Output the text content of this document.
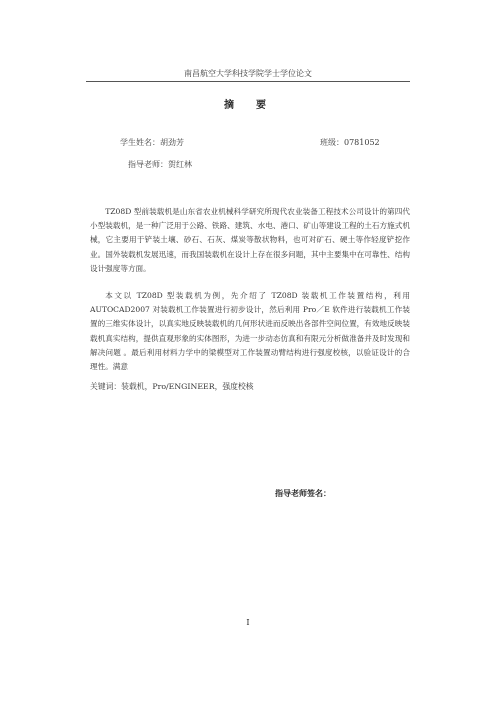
南昌航空大学科技学院学士学位论文
摘　要
学生姓名：胡劲芳	班级：0781052
指导老师：贺红林
TZ08D 型前装载机是山东省农业机械科学研究所现代农业装备工程技术公司设计的第四代小型装载机，是一种广泛用于公路、铁路、建筑、水电、港口、矿山等建设工程的土石方施式机械，它主要用于铲装土壤、砂石、石灰、煤炭等散状物料，也可对矿石、硬土等作轻度铲挖作业。国外装载机发展迅速，而我国装载机在设计上存在很多问题，其中主要集中在可靠性、结构设计强度等方面。
本文以 TZ08D 型装载机为例，先介绍了 TZ08D 装载机工作装置结构，利用AUTOCAD2007 对装载机工作装置进行初步设计，然后利用 Pro／E 软件进行装载机工作装置的三维实体设计，以真实地反映装载机的几何形状进而反映出各部件空间位置，有效地反映装载机真实结构，提供直观形象的实体图形，为进一步动态仿真和有限元分析做准备并及时发现和解决问题 。最后利用材料力学中的梁模型对工作装置动臂结构进行强度校核，以验证设计的合理性。满意
关键词：装载机，Pro/ENGINEER，强度校核
指导老师签名：
I
